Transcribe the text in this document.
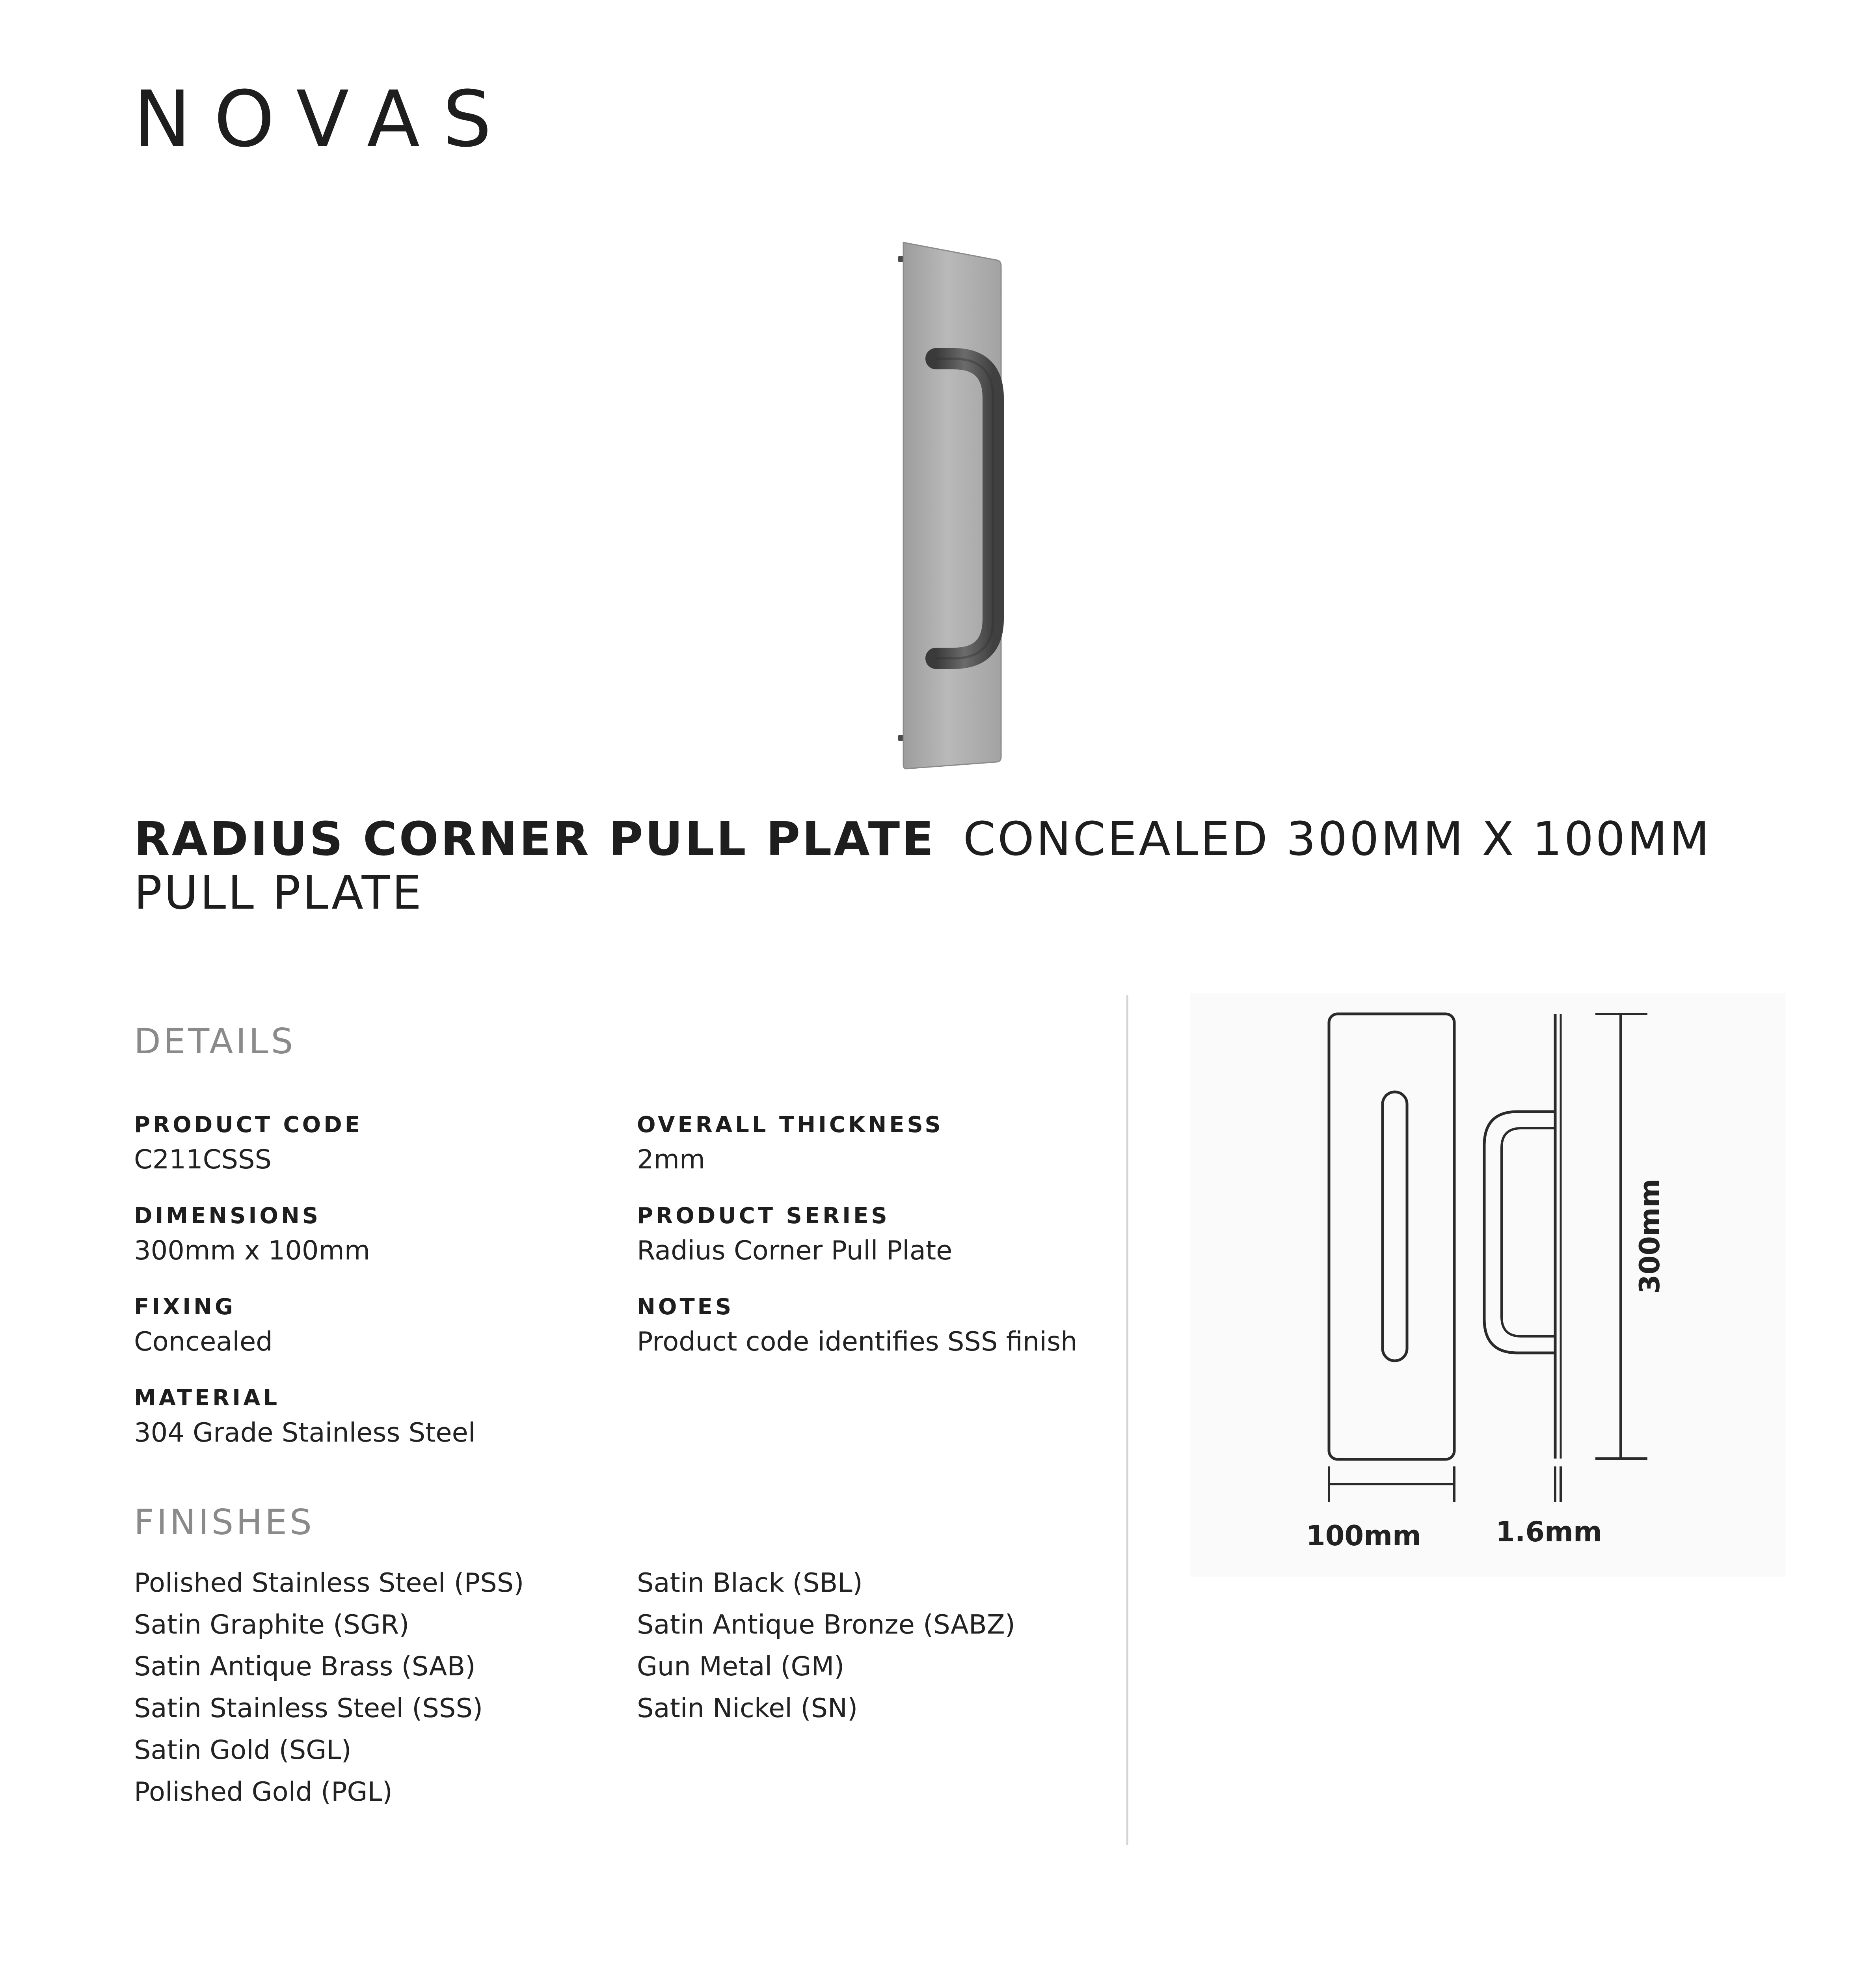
NOVAS
RADIUS CORNER PULL PLATE CONCEALED 300MM X 100MM PULL PLATE
DETAILS
PRODUCT CODE
C211CSSS
DIMENSIONS
300mm x 100mm
FIXING
Concealed
MATERIAL
304 Grade Stainless Steel
OVERALL THICKNESS
2mm
PRODUCT SERIES
Radius Corner Pull Plate
NOTES
Product code identifies SSS finish
FINISHES
Polished Stainless Steel (PSS)
Satin Graphite (SGR)
Satin Antique Brass (SAB)
Satin Stainless Steel (SSS)
Satin Gold (SGL)
Polished Gold (PGL)
Satin Black (SBL)
Satin Antique Bronze (SABZ)
Gun Metal (GM)
Satin Nickel (SN)
300mm
100mm	1.6mm
